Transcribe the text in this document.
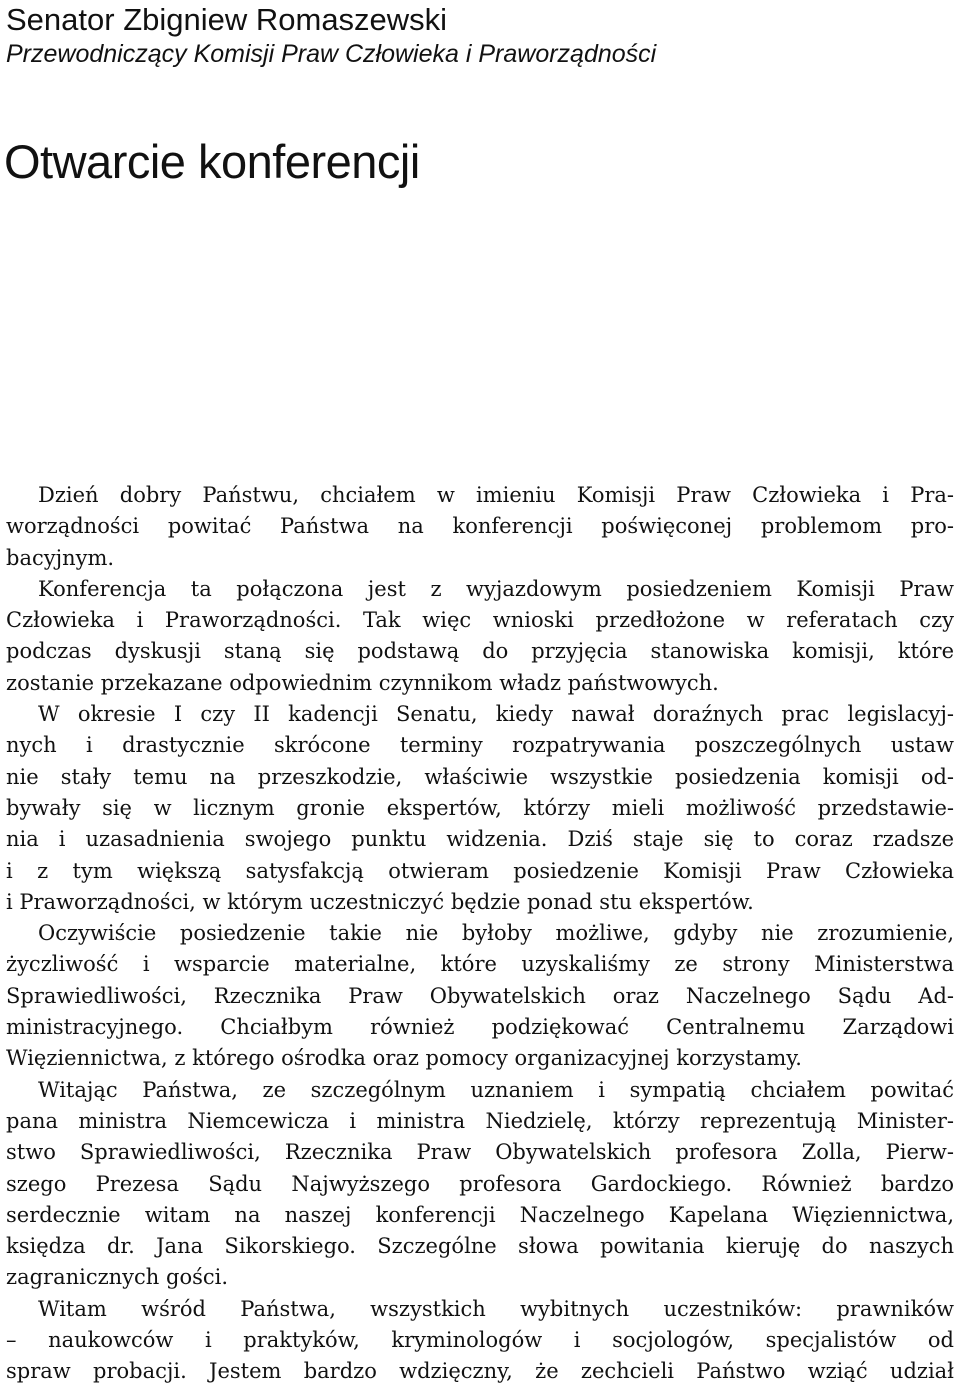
Senator Zbigniew Romaszewski
Przewodniczący Komisji Praw Człowieka i Praworządności
Otwarcie konferencji
Dzień dobry Państwu, chciałem w imieniu Komisji Praw Człowieka i Pra-
worządności powitać Państwa na konferencji poświęconej problemom pro-
bacyjnym.
Konferencja ta połączona jest z wyjazdowym posiedzeniem Komisji Praw
Człowieka i Praworządności. Tak więc wnioski przedłożone w referatach czy
podczas dyskusji staną się podstawą do przyjęcia stanowiska komisji, które
zostanie przekazane odpowiednim czynnikom władz państwowych.
W okresie I czy II kadencji Senatu, kiedy nawał doraźnych prac legislacyj-
nych i drastycznie skrócone terminy rozpatrywania poszczególnych ustaw
nie stały temu na przeszkodzie, właściwie wszystkie posiedzenia komisji od-
bywały się w licznym gronie ekspertów, którzy mieli możliwość przedstawie-
nia i uzasadnienia swojego punktu widzenia. Dziś staje się to coraz rzadsze
i z tym większą satysfakcją otwieram posiedzenie Komisji Praw Człowieka
i Praworządności, w którym uczestniczyć będzie ponad stu ekspertów.
Oczywiście posiedzenie takie nie byłoby możliwe, gdyby nie zrozumienie,
życzliwość i wsparcie materialne, które uzyskaliśmy ze strony Ministerstwa
Sprawiedliwości, Rzecznika Praw Obywatelskich oraz Naczelnego Sądu Ad-
ministracyjnego. Chciałbym również podziękować Centralnemu Zarządowi
Więziennictwa, z którego ośrodka oraz pomocy organizacyjnej korzystamy.
Witając Państwa, ze szczególnym uznaniem i sympatią chciałem powitać
pana ministra Niemcewicza i ministra Niedzielę, którzy reprezentują Minister-
stwo Sprawiedliwości, Rzecznika Praw Obywatelskich profesora Zolla, Pierw-
szego Prezesa Sądu Najwyższego profesora Gardockiego. Również bardzo
serdecznie witam na naszej konferencji Naczelnego Kapelana Więziennictwa,
księdza dr. Jana Sikorskiego. Szczególne słowa powitania kieruję do naszych
zagranicznych gości.
Witam wśród Państwa, wszystkich wybitnych uczestników: prawników
– naukowców i praktyków, kryminologów i socjologów, specjalistów od
spraw probacji. Jestem bardzo wdzięczny, że zechcieli Państwo wziąć udział
